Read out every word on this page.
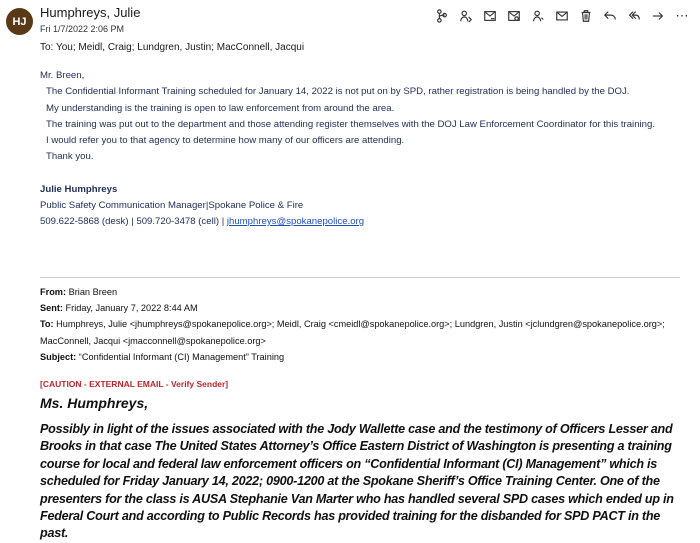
HJ
Humphreys, Julie
Fri 1/7/2022 2:06 PM
To: You; Meidl, Craig; Lundgren, Justin; MacConnell, Jacqui
⋯
Mr. Breen,
The Confidential Informant Training scheduled for January 14, 2022 is not put on by SPD, rather registration is being handled by the DOJ.
My understanding is the training is open to law enforcement from around the area.
The training was put out to the department and those attending register themselves with the DOJ Law Enforcement Coordinator for this training.
I would refer you to that agency to determine how many of our officers are attending.
Thank you.
Julie Humphreys
Public Safety Communication Manager|Spokane Police & Fire
509.622-5868 (desk) | 509.720-3478 (cell) | jhumphreys@spokanepolice.org
From: Brian Breen
Sent: Friday, January 7, 2022 8:44 AM
To: Humphreys, Julie <jhumphreys@spokanepolice.org>; Meidl, Craig <cmeidl@spokanepolice.org>; Lundgren, Justin <jclundgren@spokanepolice.org>; MacConnell, Jacqui <jmacconnell@spokanepolice.org>
Subject: “Confidential Informant (CI) Management” Training
[CAUTION - EXTERNAL EMAIL - Verify Sender]
Ms. Humphreys,
Possibly in light of the issues associated with the Jody Wallette case and the testimony of Officers Lesser and Brooks in that case The United States Attorney’s Office Eastern District of Washington is presenting a training course for local and federal law enforcement officers on “Confidential Informant (CI) Management” which is scheduled for Friday January 14, 2022; 0900-1200 at the Spokane Sheriff’s Office Training Center. One of the presenters for the class is AUSA Stephanie Van Marter who has handled several SPD cases which ended up in Federal Court and according to Public Records has provided training for the disbanded for SPD PACT in the past.
